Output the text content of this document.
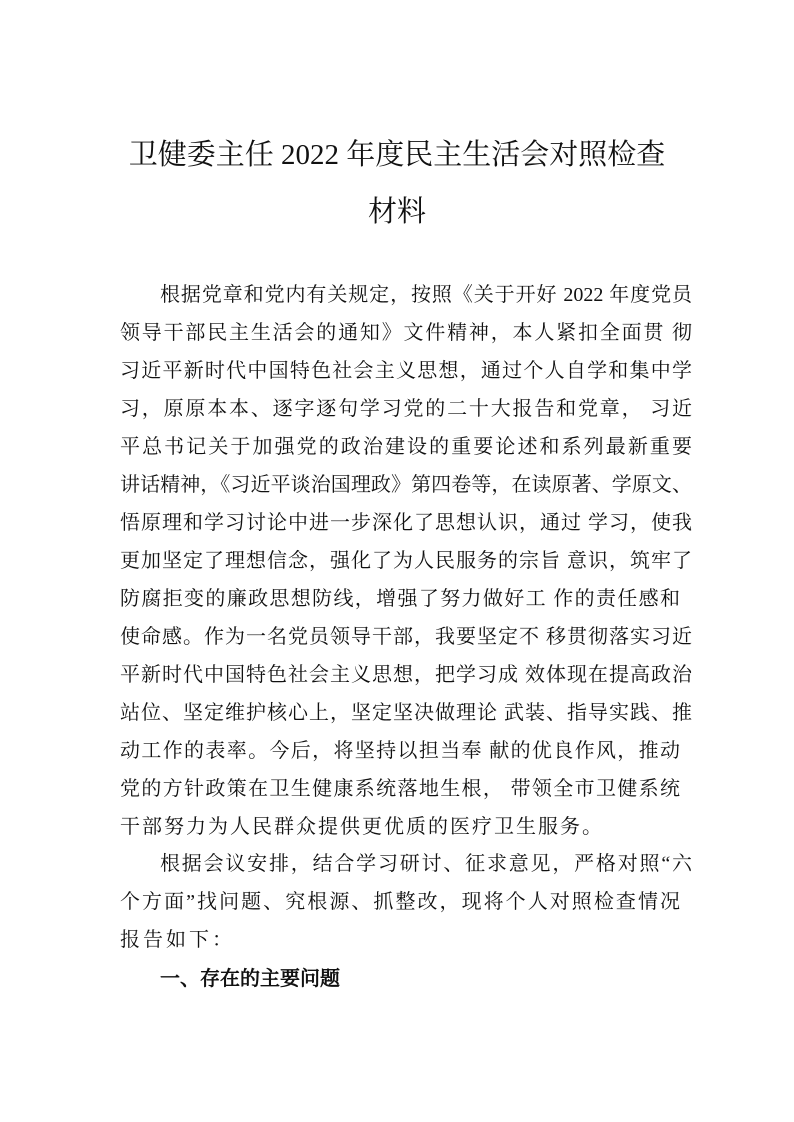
卫健委主任 2022 年度民主生活会对照检查
材料
根据党章和党内有关规定，按照《关于开好 2022 年度党员
领导干部民主生活会的通知》文件精神，本人紧扣全面贯 彻
习近平新时代中国特色社会主义思想，通过个人自学和集中学
习，原原本本、逐字逐句学习党的二十大报告和党章， 习近
平总书记关于加强党的政治建设的重要论述和系列最新重要
讲话精神，《习近平谈治国理政》第四卷等，在读原著、学原文、
悟原理和学习讨论中进一步深化了思想认识，通过 学习，使我
更加坚定了理想信念，强化了为人民服务的宗旨 意识，筑牢了
防腐拒变的廉政思想防线，增强了努力做好工 作的责任感和
使命感。作为一名党员领导干部，我要坚定不 移贯彻落实习近
平新时代中国特色社会主义思想，把学习成 效体现在提高政治
站位、坚定维护核心上，坚定坚决做理论 武装、指导实践、推
动工作的表率。今后，将坚持以担当奉 献的优良作风，推动
党的方针政策在卫生健康系统落地生根， 带领全市卫健系统
干部努力为人民群众提供更优质的医疗卫生服务。
根据会议安排，结合学习研讨、征求意见，严格对照“六
个方面”找问题、究根源、抓整改，现将个人对照检查情况
报告如下：
一、存在的主要问题
